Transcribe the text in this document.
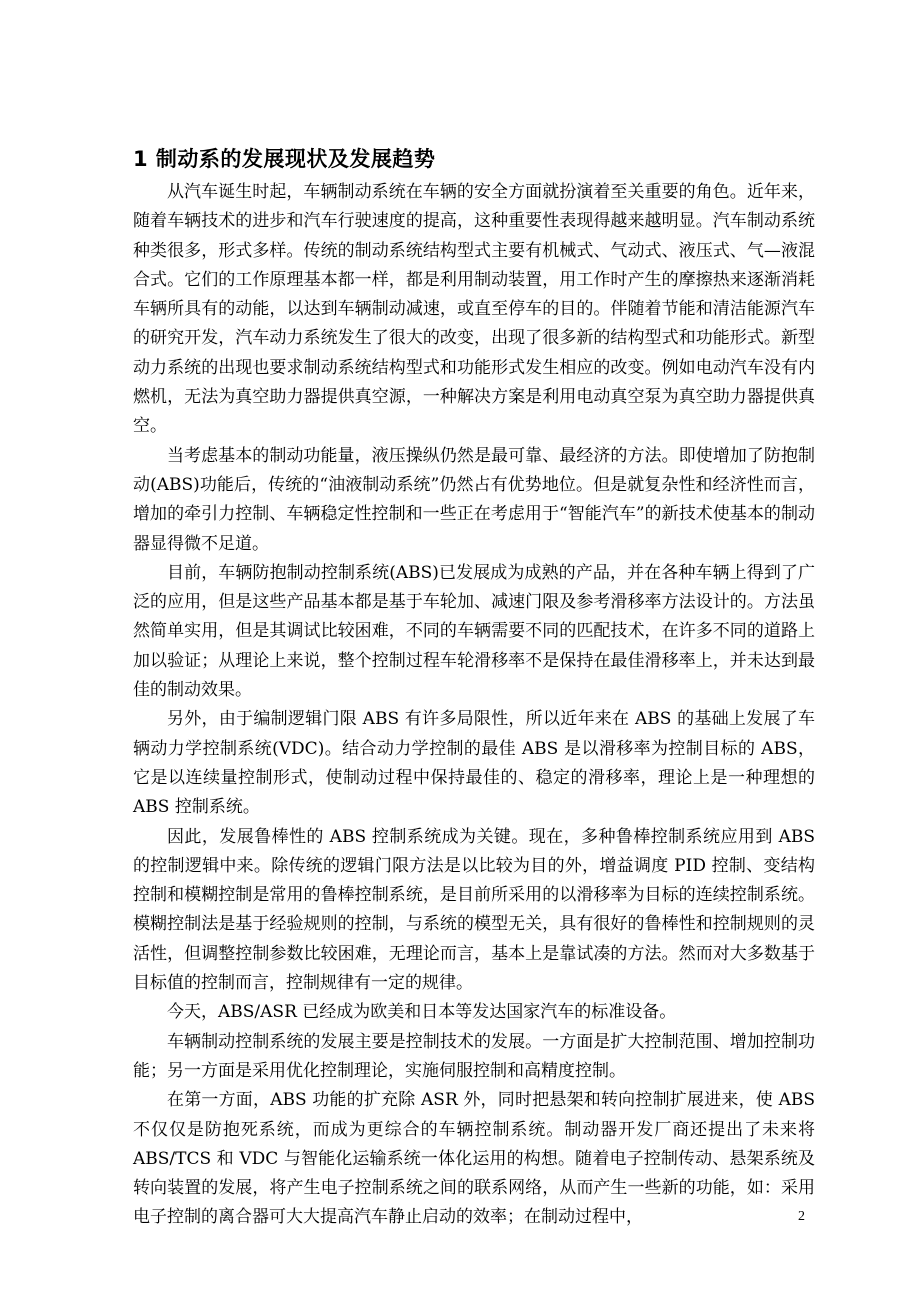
1 制动系的发展现状及发展趋势

从汽车诞生时起，车辆制动系统在车辆的安全方面就扮演着至关重要的角色。近年来，随着车辆技术的进步和汽车行驶速度的提高，这种重要性表现得越来越明显。汽车制动系统种类很多，形式多样。传统的制动系统结构型式主要有机械式、气动式、液压式、气—液混合式。它们的工作原理基本都一样，都是利用制动装置，用工作时产生的摩擦热来逐渐消耗车辆所具有的动能，以达到车辆制动减速，或直至停车的目的。伴随着节能和清洁能源汽车的研究开发，汽车动力系统发生了很大的改变，出现了很多新的结构型式和功能形式。新型动力系统的出现也要求制动系统结构型式和功能形式发生相应的改变。例如电动汽车没有内燃机，无法为真空助力器提供真空源，一种解决方案是利用电动真空泵为真空助力器提供真空。

当考虑基本的制动功能量，液压操纵仍然是最可靠、最经济的方法。即使增加了防抱制动(ABS)功能后，传统的“油液制动系统”仍然占有优势地位。但是就复杂性和经济性而言，增加的牵引力控制、车辆稳定性控制和一些正在考虑用于“智能汽车”的新技术使基本的制动器显得微不足道。

目前，车辆防抱制动控制系统(ABS)已发展成为成熟的产品，并在各种车辆上得到了广泛的应用，但是这些产品基本都是基于车轮加、减速门限及参考滑移率方法设计的。方法虽然简单实用，但是其调试比较困难，不同的车辆需要不同的匹配技术，在许多不同的道路上加以验证；从理论上来说，整个控制过程车轮滑移率不是保持在最佳滑移率上，并未达到最佳的制动效果。

另外，由于编制逻辑门限 ABS 有许多局限性，所以近年来在 ABS 的基础上发展了车辆动力学控制系统(VDC)。结合动力学控制的最佳 ABS 是以滑移率为控制目标的 ABS，它是以连续量控制形式，使制动过程中保持最佳的、稳定的滑移率，理论上是一种理想的 ABS 控制系统。

因此，发展鲁棒性的 ABS 控制系统成为关键。现在，多种鲁棒控制系统应用到 ABS 的控制逻辑中来。除传统的逻辑门限方法是以比较为目的外，增益调度 PID 控制、变结构控制和模糊控制是常用的鲁棒控制系统，是目前所采用的以滑移率为目标的连续控制系统。模糊控制法是基于经验规则的控制，与系统的模型无关，具有很好的鲁棒性和控制规则的灵活性，但调整控制参数比较困难，无理论而言，基本上是靠试凑的方法。然而对大多数基于目标值的控制而言，控制规律有一定的规律。

今天，ABS/ASR 已经成为欧美和日本等发达国家汽车的标准设备。

车辆制动控制系统的发展主要是控制技术的发展。一方面是扩大控制范围、增加控制功能；另一方面是采用优化控制理论，实施伺服控制和高精度控制。

在第一方面，ABS 功能的扩充除 ASR 外，同时把悬架和转向控制扩展进来，使 ABS 不仅仅是防抱死系统，而成为更综合的车辆控制系统。制动器开发厂商还提出了未来将 ABS/TCS 和 VDC 与智能化运输系统一体化运用的构想。随着电子控制传动、悬架系统及转向装置的发展，将产生电子控制系统之间的联系网络，从而产生一些新的功能，如：采用电子控制的离合器可大大提高汽车静止启动的效率；在制动过程中，	2
